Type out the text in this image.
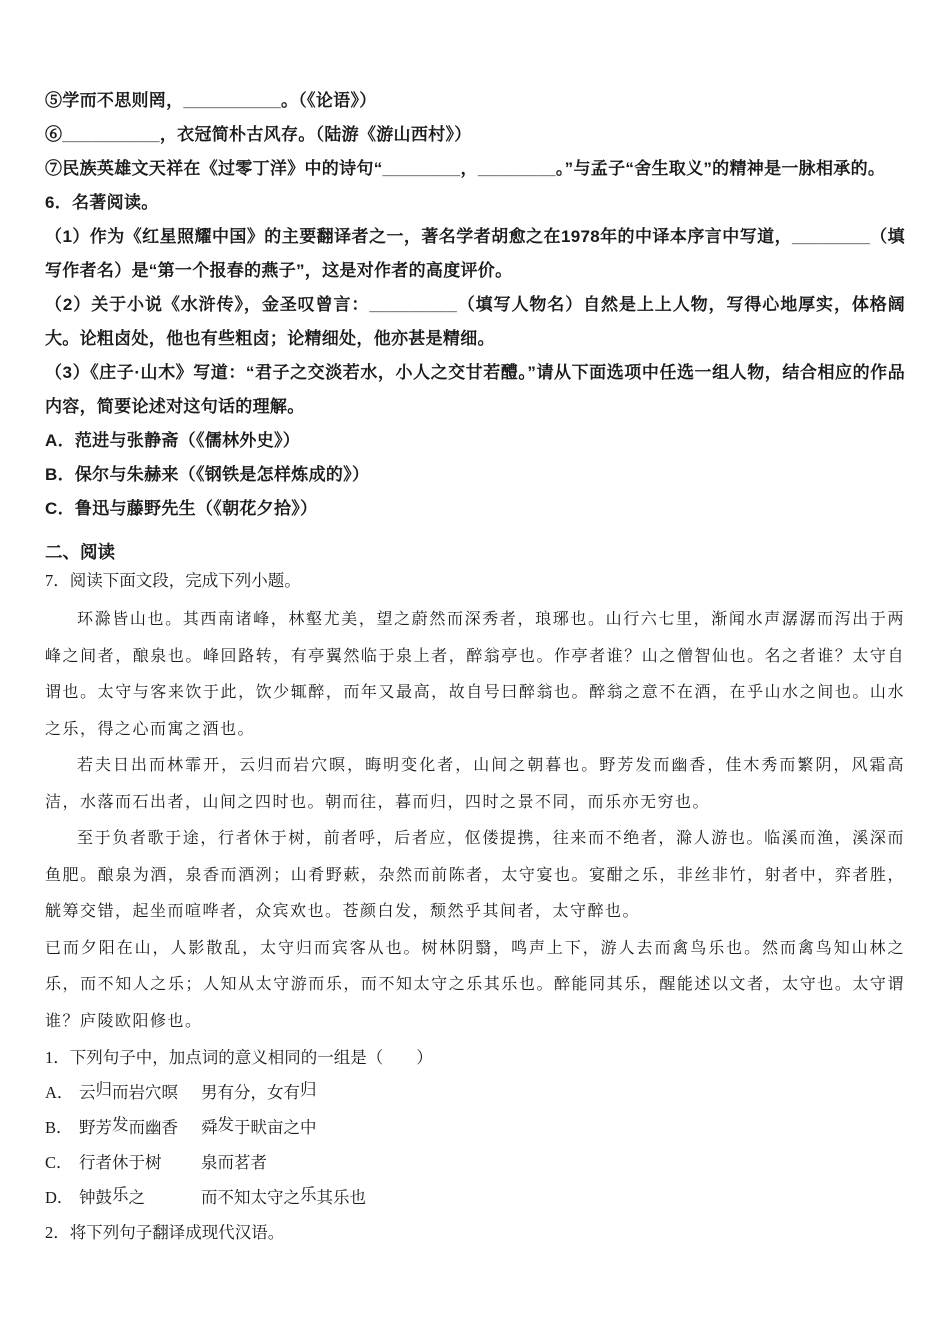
⑤学而不思则罔，__________。（《论语》）

⑥__________，衣冠简朴古风存。（陆游《游山西村》）

⑦民族英雄文天祥在《过零丁洋》中的诗句“________，________。”与孟子“舍生取义”的精神是一脉相承的。

6．名著阅读。

（1）作为《红星照耀中国》的主要翻译者之一，著名学者胡愈之在1978年的中译本序言中写道，________（填写作者名）是“第一个报春的燕子”，这是对作者的高度评价。

（2）关于小说《水浒传》，金圣叹曾言：_________（填写人物名）自然是上上人物，写得心地厚实，体格阔大。论粗卤处，他也有些粗卤；论精细处，他亦甚是精细。

（3）《庄子·山木》写道：“君子之交淡若水，小人之交甘若醴。”请从下面选项中任选一组人物，结合相应的作品内容，简要论述对这句话的理解。

A．范进与张静斋（《儒林外史》）

B．保尔与朱赫来（《钢铁是怎样炼成的》）

C．鲁迅与藤野先生（《朝花夕拾》）

二、阅读

7．阅读下面文段，完成下列小题。

环滁皆山也。其西南诸峰，林壑尤美，望之蔚然而深秀者，琅琊也。山行六七里，渐闻水声潺潺而泻出于两峰之间者，酿泉也。峰回路转，有亭翼然临于泉上者，醉翁亭也。作亭者谁？山之僧智仙也。名之者谁？太守自谓也。太守与客来饮于此，饮少辄醉，而年又最高，故自号曰醉翁也。醉翁之意不在酒，在乎山水之间也。山水之乐，得之心而寓之酒也。

若夫日出而林霏开，云归而岩穴暝，晦明变化者，山间之朝暮也。野芳发而幽香，佳木秀而繁阴，风霜高洁，水落而石出者，山间之四时也。朝而往，暮而归，四时之景不同，而乐亦无穷也。

至于负者歌于途，行者休于树，前者呼，后者应，伛偻提携，往来而不绝者，滁人游也。临溪而渔，溪深而鱼肥。酿泉为酒，泉香而酒洌；山肴野蔌，杂然而前陈者，太守宴也。宴酣之乐，非丝非竹，射者中，弈者胜，觥筹交错，起坐而喧哗者，众宾欢也。苍颜白发，颓然乎其间者，太守醉也。

已而夕阳在山，人影散乱，太守归而宾客从也。树林阴翳，鸣声上下，游人去而禽鸟乐也。然而禽鸟知山林之乐，而不知人之乐；人知从太守游而乐，而不知太守之乐其乐也。醉能同其乐，醒能述以文者，太守也。太守谓谁？庐陵欧阳修也。

1．下列句子中，加点词的意义相同的一组是（　　）

A． 云归而岩穴暝	男有分，女有归
B． 野芳发而幽香	舜发于畎亩之中
C． 行者休于树	泉而茗者
D． 钟鼓乐之	而不知太守之乐其乐也

2．将下列句子翻译成现代汉语。
